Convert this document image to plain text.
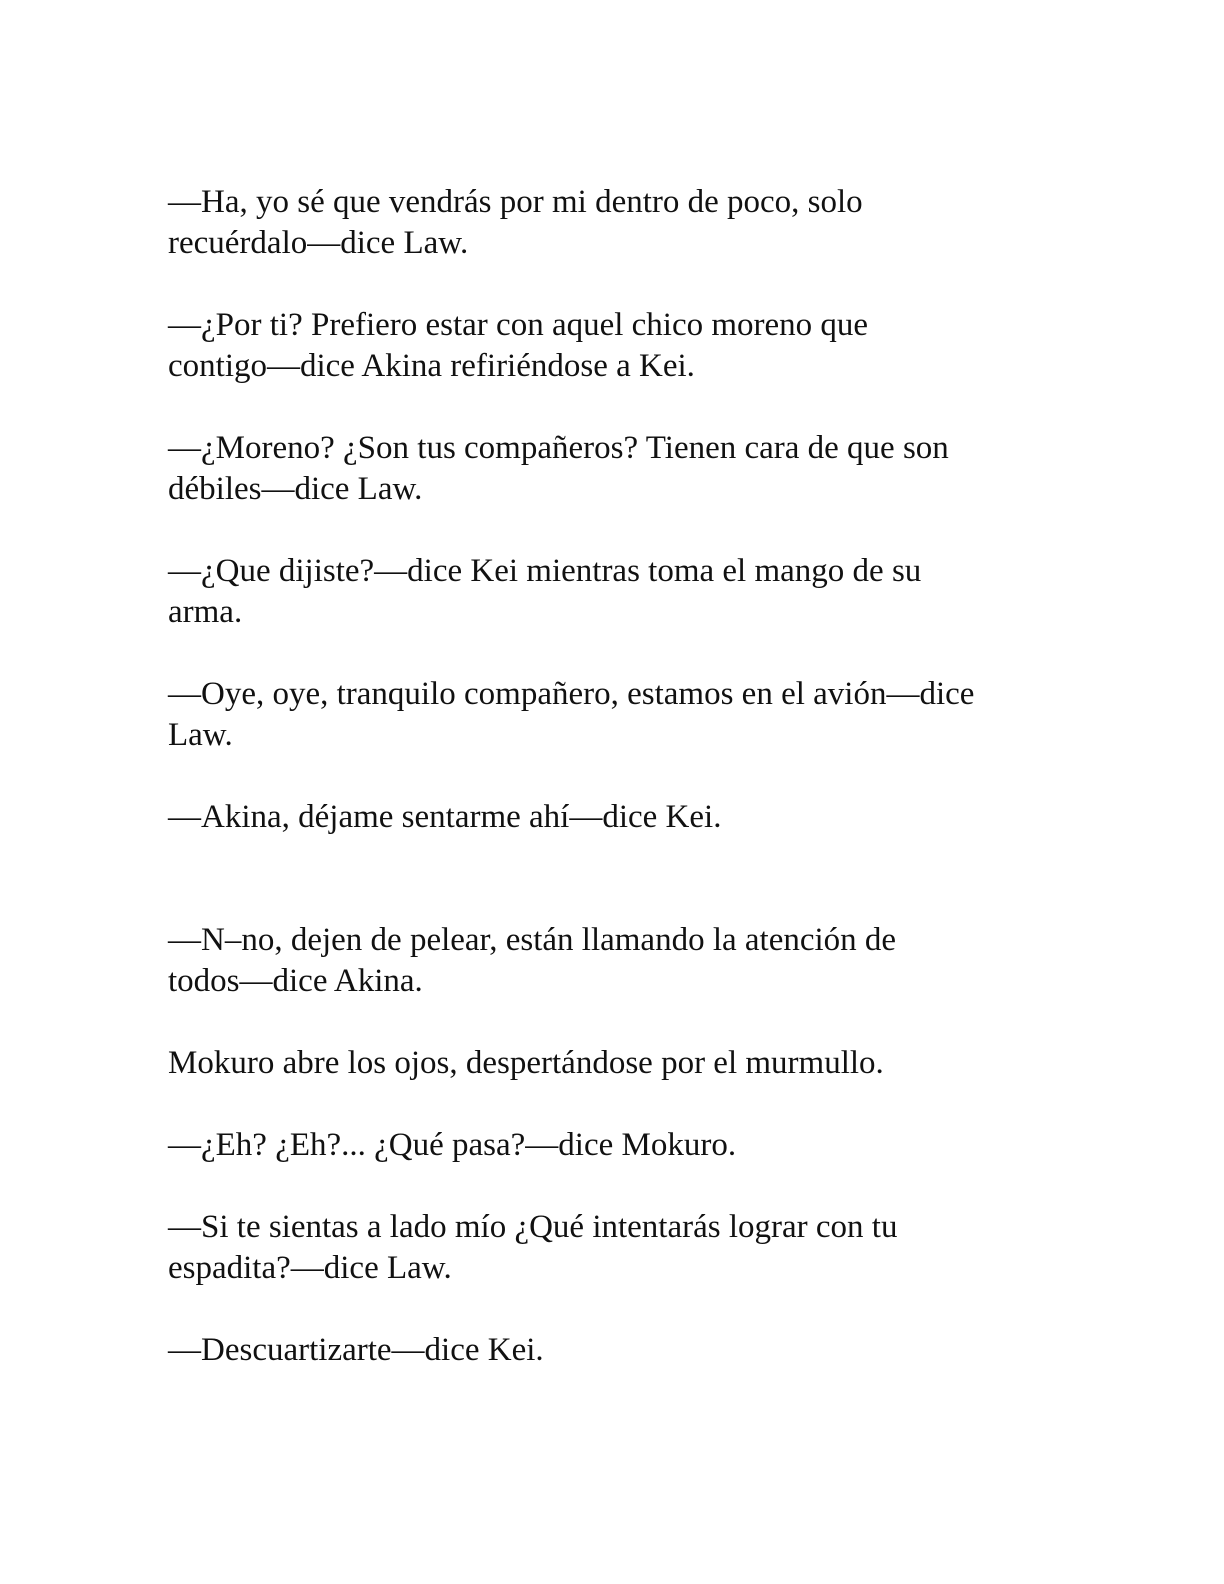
—Ha, yo sé que vendrás por mi dentro de poco, solo
recuérdalo—dice Law.

—¿Por ti? Prefiero estar con aquel chico moreno que
contigo—dice Akina refiriéndose a Kei.

—¿Moreno? ¿Son tus compañeros? Tienen cara de que son
débiles—dice Law.

—¿Que dijiste?—dice Kei mientras toma el mango de su
arma.

—Oye, oye, tranquilo compañero, estamos en el avión—dice
Law.

—Akina, déjame sentarme ahí—dice Kei.

—N–no, dejen de pelear, están llamando la atención de
todos—dice Akina.

Mokuro abre los ojos, despertándose por el murmullo.

—¿Eh? ¿Eh?... ¿Qué pasa?—dice Mokuro.

—Si te sientas a lado mío ¿Qué intentarás lograr con tu
espadita?—dice Law.

—Descuartizarte—dice Kei.
